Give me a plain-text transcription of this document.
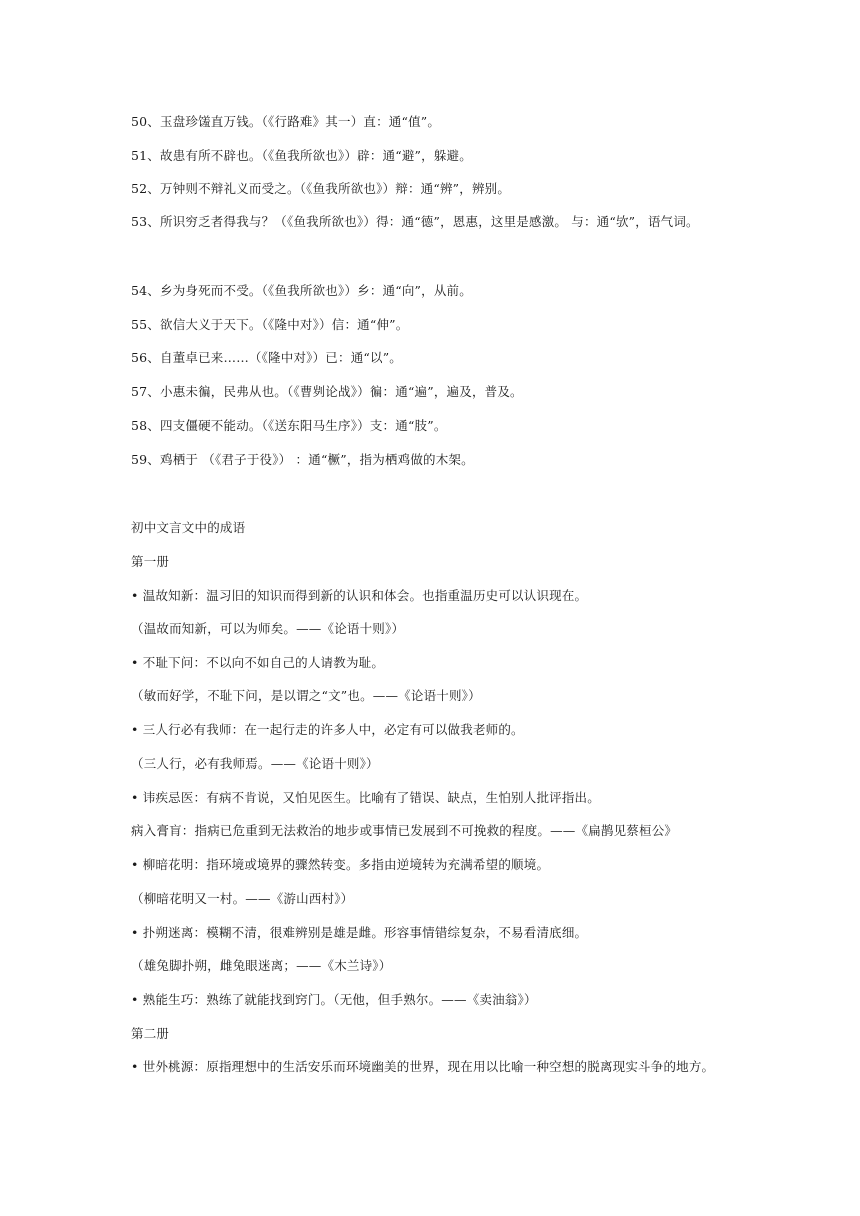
50、玉盘珍馐直万钱。（《行路难》其一）直：通“值”。
51、故患有所不辟也。（《鱼我所欲也》）辟：通“避”，躲避。
52、万钟则不辩礼义而受之。（《鱼我所欲也》）辩：通“辨”，辨别。
53、所识穷乏者得我与？（《鱼我所欲也》）得：通“德”，恩惠，这里是感激。 与：通“欤”，语气词。
54、乡为身死而不受。（《鱼我所欲也》）乡：通“向”，从前。
55、欲信大义于天下。（《隆中对》）信：通“伸”。
56、自董卓已来……（《隆中对》）已：通“以”。
57、小惠未徧，民弗从也。（《曹刿论战》）徧：通“遍”，遍及，普及。
58、四支僵硬不能动。（《送东阳马生序》）支：通“肢”。
59、鸡栖于 （《君子于役》） ：通“橛”，指为栖鸡做的木架。
初中文言文中的成语
第一册
• 温故知新：温习旧的知识而得到新的认识和体会。也指重温历史可以认识现在。
（温故而知新，可以为师矣。——《论语十则》）
• 不耻下问：不以向不如自己的人请教为耻。
（敏而好学，不耻下问，是以谓之“文”也。——《论语十则》）
• 三人行必有我师：在一起行走的许多人中，必定有可以做我老师的。
（三人行，必有我师焉。——《论语十则》）
• 讳疾忌医：有病不肯说，又怕见医生。比喻有了错误、缺点，生怕别人批评指出。
病入膏肓：指病已危重到无法救治的地步或事情已发展到不可挽救的程度。——《扁鹊见蔡桓公》
• 柳暗花明：指环境或境界的骤然转变。多指由逆境转为充满希望的顺境。
（柳暗花明又一村。——《游山西村》）
• 扑朔迷离：模糊不清，很难辨别是雄是雌。形容事情错综复杂，不易看清底细。
（雄兔脚扑朔，雌兔眼迷离；——《木兰诗》）
• 熟能生巧：熟练了就能找到窍门。（无他，但手熟尔。——《卖油翁》）
第二册
• 世外桃源：原指理想中的生活安乐而环境幽美的世界，现在用以比喻一种空想的脱离现实斗争的地方。
